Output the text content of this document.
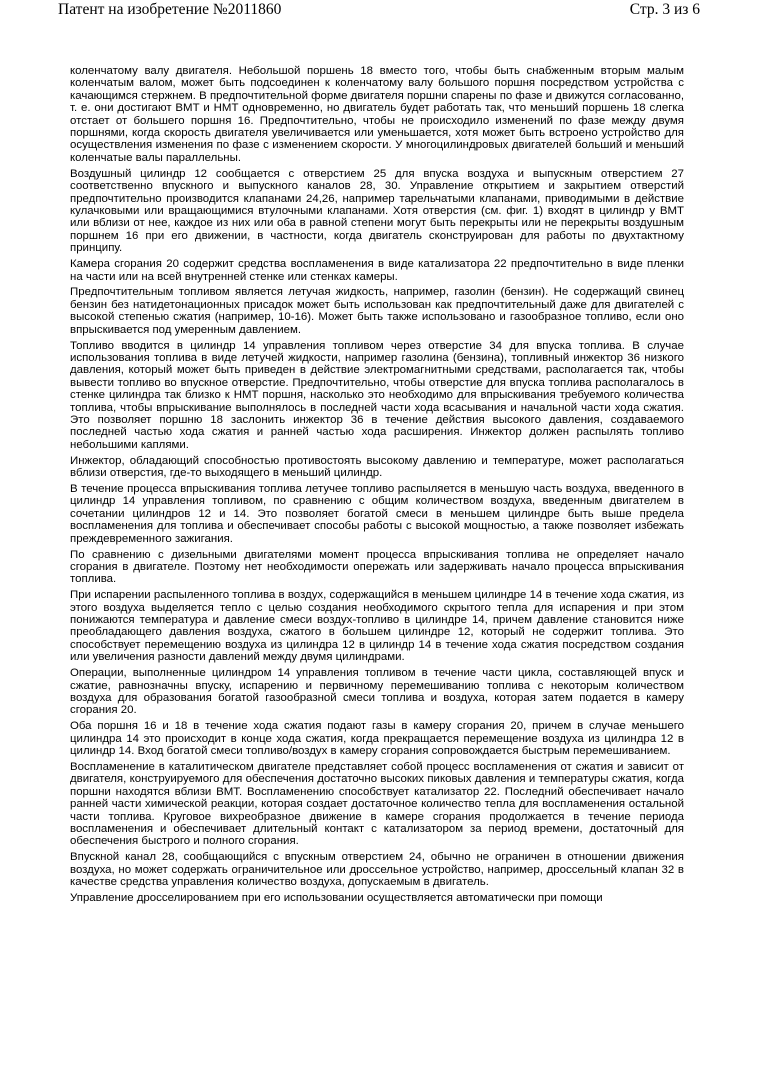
Патент на изобретение №2011860	Стр. 3 из 6

коленчатому валу двигателя. Небольшой поршень 18 вместо того, чтобы быть снабженным вторым малым коленчатым валом, может быть подсоединен к коленчатому валу большого поршня посредством устройства с качающимся стержнем. В предпочтительной форме двигателя поршни спарены по фазе и движутся согласованно, т. е. они достигают ВМТ и НМТ одновременно, но двигатель будет работать так, что меньший поршень 18 слегка отстает от большего поршня 16. Предпочтительно, чтобы не происходило изменений по фазе между двумя поршнями, когда скорость двигателя увеличивается или уменьшается, хотя может быть встроено устройство для осуществления изменения по фазе с изменением скорости. У многоцилиндровых двигателей больший и меньший коленчатые валы параллельны.

Воздушный цилиндр 12 сообщается с отверстием 25 для впуска воздуха и выпускным отверстием 27 соответственно впускного и выпускного каналов 28, 30. Управление открытием и закрытием отверстий предпочтительно производится клапанами 24,26, например тарельчатыми клапанами, приводимыми в действие кулачковыми или вращающимися втулочными клапанами. Хотя отверстия (см. фиг. 1) входят в цилиндр у ВМТ или вблизи от нее, каждое из них или оба в равной степени могут быть перекрыты или не перекрыты воздушным поршнем 16 при его движении, в частности, когда двигатель сконструирован для работы по двухтактному принципу.

Камера сгорания 20 содержит средства воспламенения в виде катализатора 22 предпочтительно в виде пленки на части или на всей внутренней стенке или стенках камеры.

Предпочтительным топливом является летучая жидкость, например, газолин (бензин). Не содержащий свинец бензин без натидетонационных присадок может быть использован как предпочтительный даже для двигателей с высокой степенью сжатия (например, 10-16). Может быть также использовано и газообразное топливо, если оно впрыскивается под умеренным давлением.

Топливо вводится в цилиндр 14 управления топливом через отверстие 34 для впуска топлива. В случае использования топлива в виде летучей жидкости, например газолина (бензина), топливный инжектор 36 низкого давления, который может быть приведен в действие электромагнитными средствами, располагается так, чтобы вывести топливо во впускное отверстие. Предпочтительно, чтобы отверстие для впуска топлива располагалось в стенке цилиндра так близко к НМТ поршня, насколько это необходимо для впрыскивания требуемого количества топлива, чтобы впрыскивание выполнялось в последней части хода всасывания и начальной части хода сжатия. Это позволяет поршню 18 заслонить инжектор 36 в течение действия высокого давления, создаваемого последней частью хода сжатия и ранней частью хода расширения. Инжектор должен распылять топливо небольшими каплями.

Инжектор, обладающий способностью противостоять высокому давлению и температуре, может располагаться вблизи отверстия, где-то выходящего в меньший цилиндр.

В течение процесса впрыскивания топлива летучее топливо распыляется в меньшую часть воздуха, введенного в цилиндр 14 управления топливом, по сравнению с общим количеством воздуха, введенным двигателем в сочетании цилиндров 12 и 14. Это позволяет богатой смеси в меньшем цилиндре быть выше предела воспламенения для топлива и обеспечивает способы работы с высокой мощностью, а также позволяет избежать преждевременного зажигания.

По сравнению с дизельными двигателями момент процесса впрыскивания топлива не определяет начало сгорания в двигателе. Поэтому нет необходимости опережать или задерживать начало процесса впрыскивания топлива.

При испарении распыленного топлива в воздух, содержащийся в меньшем цилиндре 14 в течение хода сжатия, из этого воздуха выделяется тепло с целью создания необходимого скрытого тепла для испарения и при этом понижаются температура и давление смеси воздух-топливо в цилиндре 14, причем давление становится ниже преобладающего давления воздуха, сжатого в большем цилиндре 12, который не содержит топлива. Это способствует перемещению воздуха из цилиндра 12 в цилиндр 14 в течение хода сжатия посредством создания или увеличения разности давлений между двумя цилиндрами.

Операции, выполненные цилиндром 14 управления топливом в течение части цикла, составляющей впуск и сжатие, равнозначны впуску, испарению и первичному перемешиванию топлива с некоторым количеством воздуха для образования богатой газообразной смеси топлива и воздуха, которая затем подается в камеру сгорания 20.

Оба поршня 16 и 18 в течение хода сжатия подают газы в камеру сгорания 20, причем в случае меньшего цилиндра 14 это происходит в конце хода сжатия, когда прекращается перемещение воздуха из цилиндра 12 в цилиндр 14. Вход богатой смеси топливо/воздух в камеру сгорания сопровождается быстрым перемешиванием.

Воспламенение в каталитическом двигателе представляет собой процесс воспламенения от сжатия и зависит от двигателя, конструируемого для обеспечения достаточно высоких пиковых давления и температуры сжатия, когда поршни находятся вблизи ВМТ. Воспламенению способствует катализатор 22. Последний обеспечивает начало ранней части химической реакции, которая создает достаточное количество тепла для воспламенения остальной части топлива. Круговое вихреобразное движение в камере сгорания продолжается в течение периода воспламенения и обеспечивает длительный контакт с катализатором за период времени, достаточный для обеспечения быстрого и полного сгорания.

Впускной канал 28, сообщающийся с впускным отверстием 24, обычно не ограничен в отношении движения воздуха, но может содержать ограничительное или дроссельное устройство, например, дроссельный клапан 32 в качестве средства управления количество воздуха, допускаемым в двигатель.

Управление дросселированием при его использовании осуществляется автоматически при помощи
